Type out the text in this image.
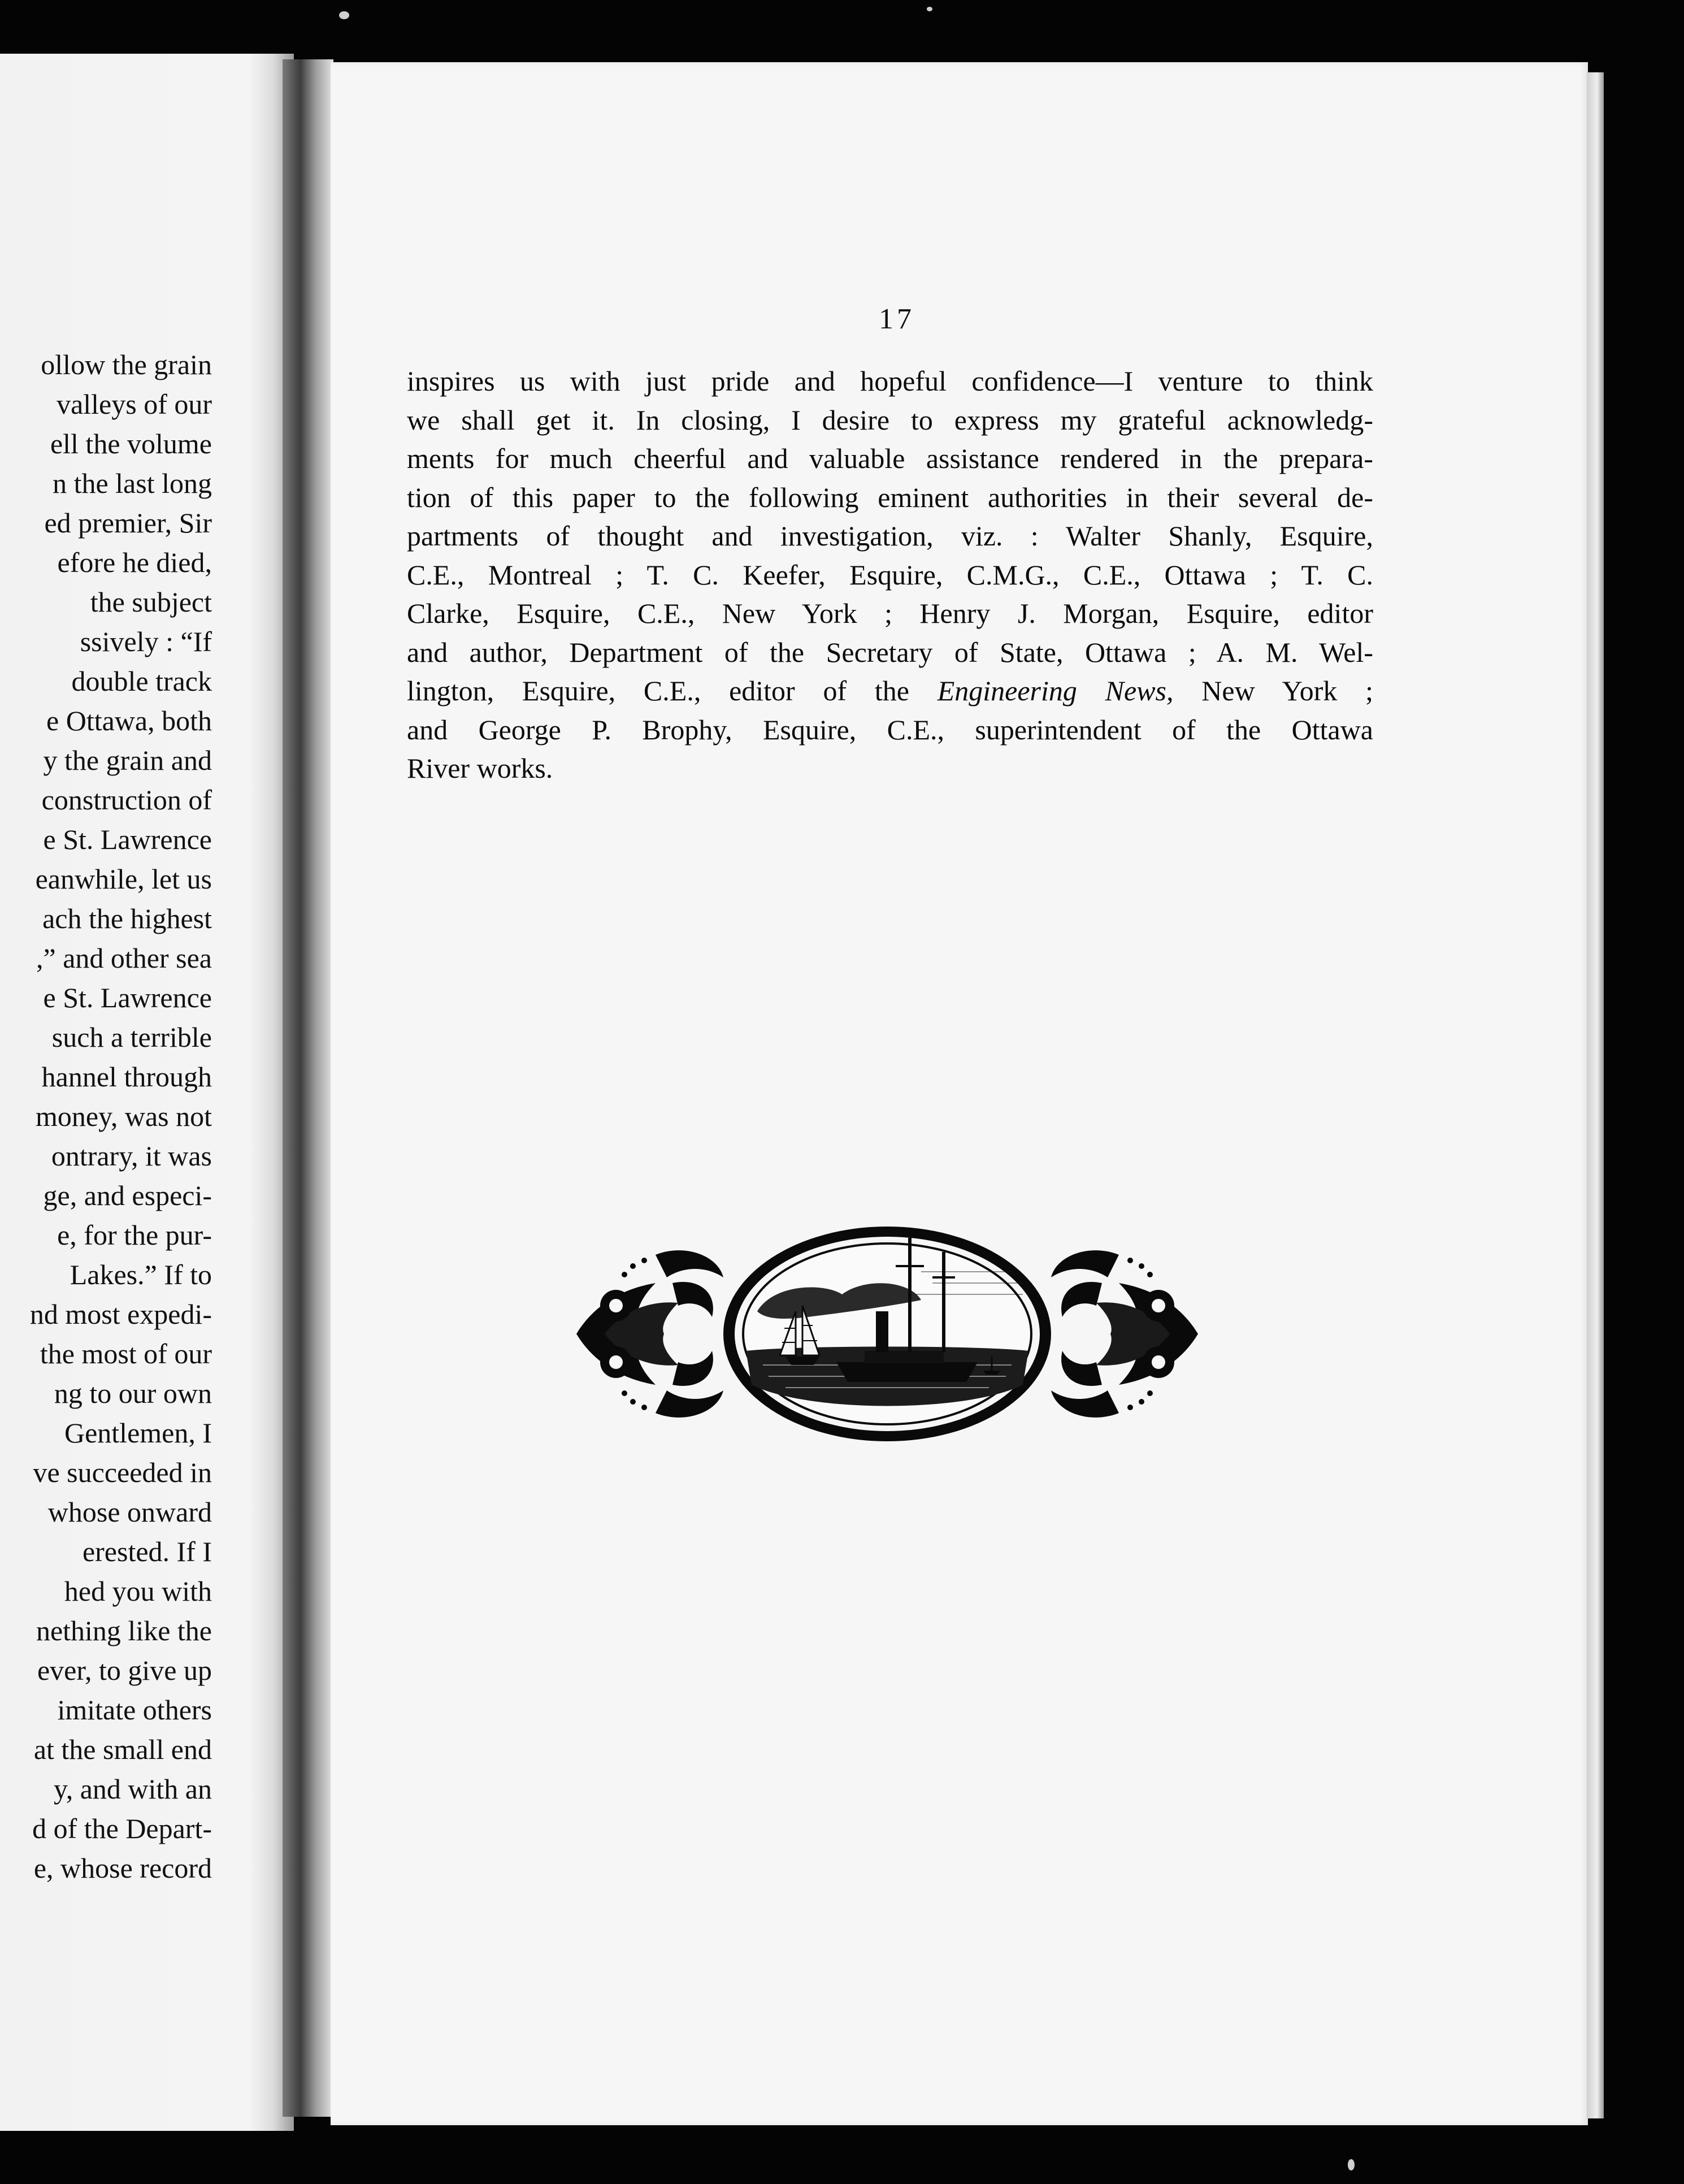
ollow the grain
valleys of our
ell the volume
n the last long
ed premier, Sir
efore he died,
the subject
ssively : “If
double track
e Ottawa, both
y the grain and
construction of
e St. Lawrence
eanwhile, let us
ach the highest
,” and other sea
e St. Lawrence
such a terrible
hannel through
money, was not
ontrary, it was
ge, and especi-
e, for the pur-
Lakes.” If to
nd most expedi-
the most of our
ng to our own
Gentlemen, I
ve succeeded in
whose onward
erested. If I
hed you with
nething like the
ever, to give up
imitate others
at the small end
y, and with an
d of the Depart-
e, whose record
17
inspires us with just pride and hopeful confidence—I venture to think
we shall get it. In closing, I desire to express my grateful acknowledg-
ments for much cheerful and valuable assistance rendered in the prepara-
tion of this paper to the following eminent authorities in their several de-
partments of thought and investigation, viz. : Walter Shanly, Esquire,
C.E., Montreal ; T. C. Keefer, Esquire, C.M.G., C.E., Ottawa ; T. C.
Clarke, Esquire, C.E., New York ; Henry J. Morgan, Esquire, editor
and author, Department of the Secretary of State, Ottawa ; A. M. Wel-
lington, Esquire, C.E., editor of the Engineering News, New York ;
and George P. Brophy, Esquire, C.E., superintendent of the Ottawa
River works.
